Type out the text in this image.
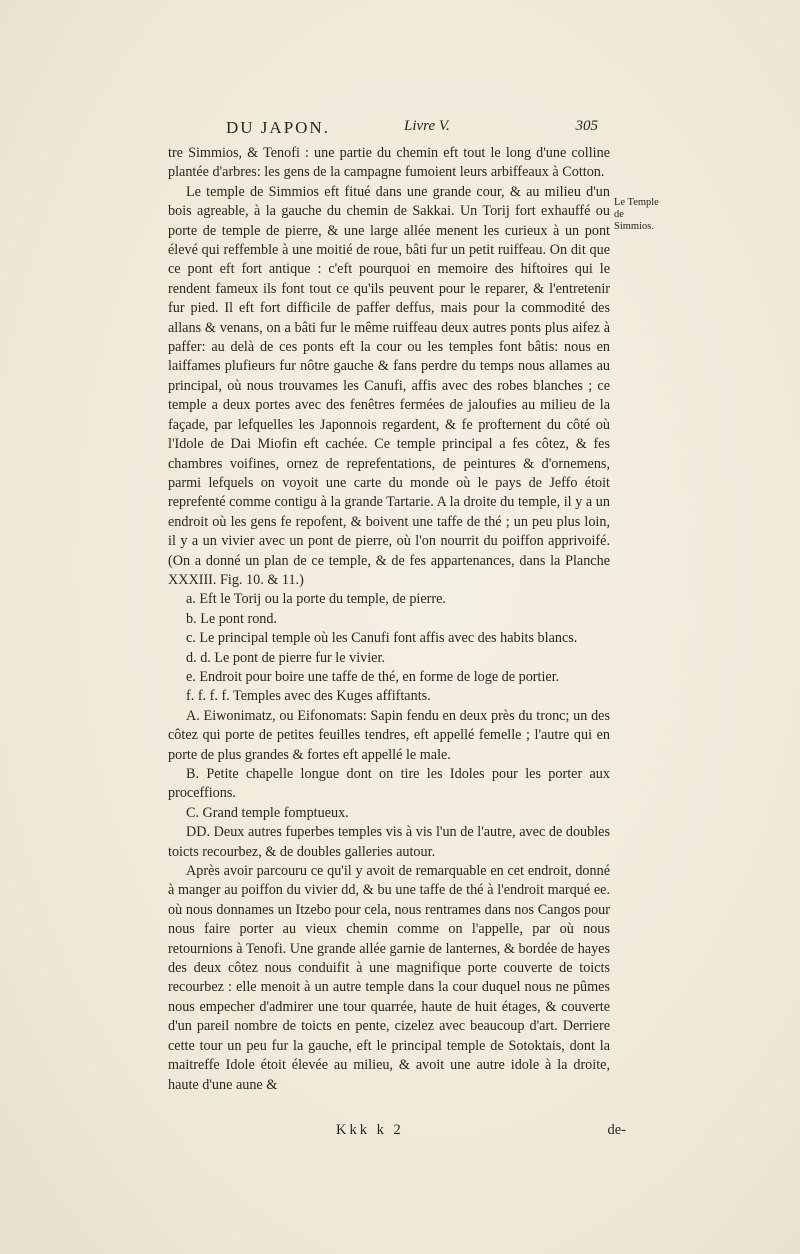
DU JAPON.	Livre V.	305

tre Simmios, & Tenofi : une partie du chemin eft tout le long d'une colline plantée d'arbres: les gens de la campagne fumoient leurs arbiffeaux à Cotton.

Le temple de Simmios eft fitué dans une grande cour, & au milieu d'un bois agreable, à la gauche du chemin de Sakkai. Un Torij fort exhauffé ou porte de temple de pierre, & une large allée menent les curieux à un pont élevé qui reffemble à une moitié de roue, bâti fur un petit ruiffeau. On dit que ce pont eft fort antique : c'eft pourquoi en memoire des hiftoires qui le rendent fameux ils font tout ce qu'ils peuvent pour le reparer, & l'entretenir fur pied. Il eft fort difficile de paffer deffus, mais pour la commodité des allans & venans, on a bâti fur le même ruiffeau deux autres ponts plus aifez à paffer: au delà de ces ponts eft la cour ou les temples font bâtis: nous en laiffames plufieurs fur nôtre gauche & fans perdre du temps nous allames au principal, où nous trouvames les Canufi, affis avec des robes blanches ; ce temple a deux portes avec des fenêtres fermées de jaloufies au milieu de la façade, par lefquelles les Japonnois regardent, & fe profternent du côté où l'Idole de Dai Miofin eft cachée. Ce temple principal a fes côtez, & fes chambres voifines, ornez de reprefentations, de peintures & d'ornemens, parmi lefquels on voyoit une carte du monde où le pays de Jeffo étoit reprefenté comme contigu à la grande Tartarie. A la droite du temple, il y a un endroit où les gens fe repofent, & boivent une taffe de thé ; un peu plus loin, il y a un vivier avec un pont de pierre, où l'on nourrit du poiffon apprivoifé. (On a donné un plan de ce temple, & de fes appartenances, dans la Planche XXXIII. Fig. 10. & 11.)

a. Eft le Torij ou la porte du temple, de pierre.

b. Le pont rond.

c. Le principal temple où les Canufi font affis avec des habits blancs.

d. d. Le pont de pierre fur le vivier.

e. Endroit pour boire une taffe de thé, en forme de loge de portier.

f. f. f. f. Temples avec des Kuges affiftants.

A. Eiwonimatz, ou Eifonomats: Sapin fendu en deux près du tronc; un des côtez qui porte de petites feuilles tendres, eft appellé femelle ; l'autre qui en porte de plus grandes & fortes eft appellé le male.

B. Petite chapelle longue dont on tire les Idoles pour les porter aux proceffions.

C. Grand temple fomptueux.

DD. Deux autres fuperbes temples vis à vis l'un de l'autre, avec de doubles toicts recourbez, & de doubles galleries autour.

Après avoir parcouru ce qu'il y avoit de remarquable en cet endroit, donné à manger au poiffon du vivier dd, & bu une taffe de thé à l'endroit marqué ee. où nous donnames un Itzebo pour cela, nous rentrames dans nos Cangos pour nous faire porter au vieux chemin comme on l'appelle, par où nous retournions à Tenofi. Une grande allée garnie de lanternes, & bordée de hayes des deux côtez nous conduifit à une magnifique porte couverte de toicts recourbez : elle menoit à un autre temple dans la cour duquel nous ne pûmes nous empecher d'admirer une tour quarrée, haute de huit étages, & couverte d'un pareil nombre de toicts en pente, cizelez avec beaucoup d'art. Derriere cette tour un peu fur la gauche, eft le principal temple de Sotoktais, dont la maitreffe Idole étoit élevée au milieu, & avoit une autre idole à la droite, haute d'une aune &

Le Temple de Simmios.
Kkk k 2	de-
